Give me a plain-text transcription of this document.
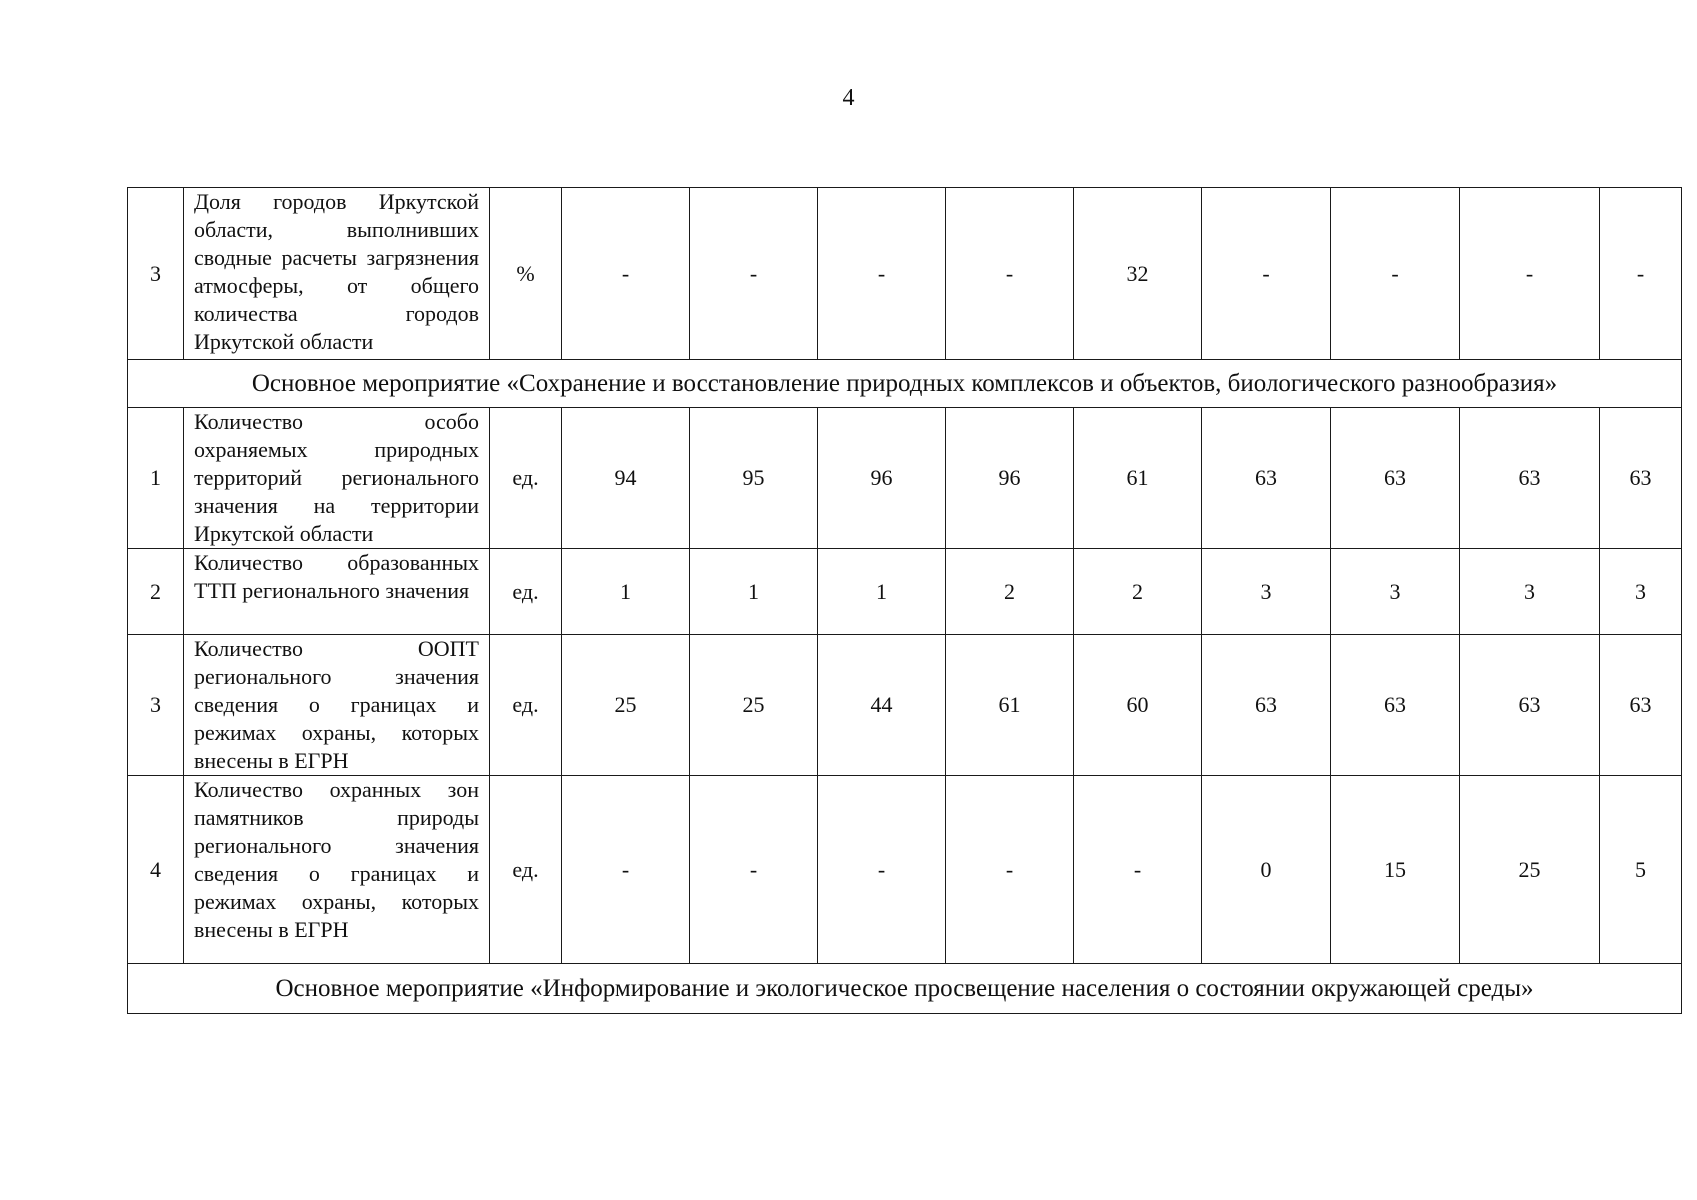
4
3	Доля городов Иркутской области, выполнивших сводные расчеты загрязнения атмосферы, от общего количества городов Иркутской области	%	-	-	-	-	32	-	-	-	-
Основное мероприятие «Сохранение и восстановление природных комплексов и объектов, биологического разнообразия»											
1	Количество особо охраняемых природных территорий регионального значения на территории Иркутской области	ед.	94	95	96	96	61	63	63	63	63
2	Количество образованных ТТП регионального значения	ед.	1	1	1	2	2	3	3	3	3
3	Количество ООПТ регионального значения сведения о границах и режимах охраны, которых внесены в ЕГРН	ед.	25	25	44	61	60	63	63	63	63
4	Количество охранных зон памятников природы регионального значения сведения о границах и режимах охраны, которых внесены в ЕГРН	ед.	-	-	-	-	-	0	15	25	5
Основное мероприятие «Информирование и экологическое просвещение населения о состоянии окружающей среды»											
